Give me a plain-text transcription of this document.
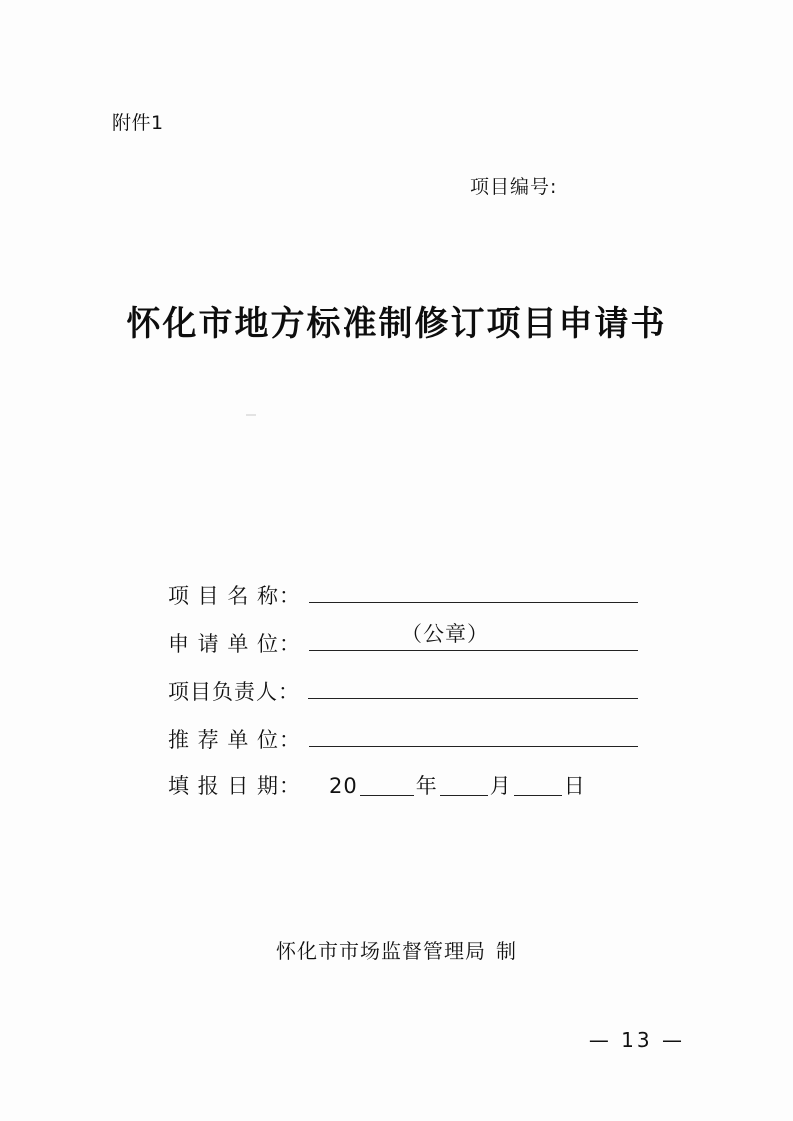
附件1
项目编号:
怀化市地方标准制修订项目申请书
项 目 名 称：
申 请 单 位：	（公章）
项目负责人：
推 荐 单 位：
填 报 日 期： 20	年 月 日
怀化市市场监督管理局 制
— 13 —
